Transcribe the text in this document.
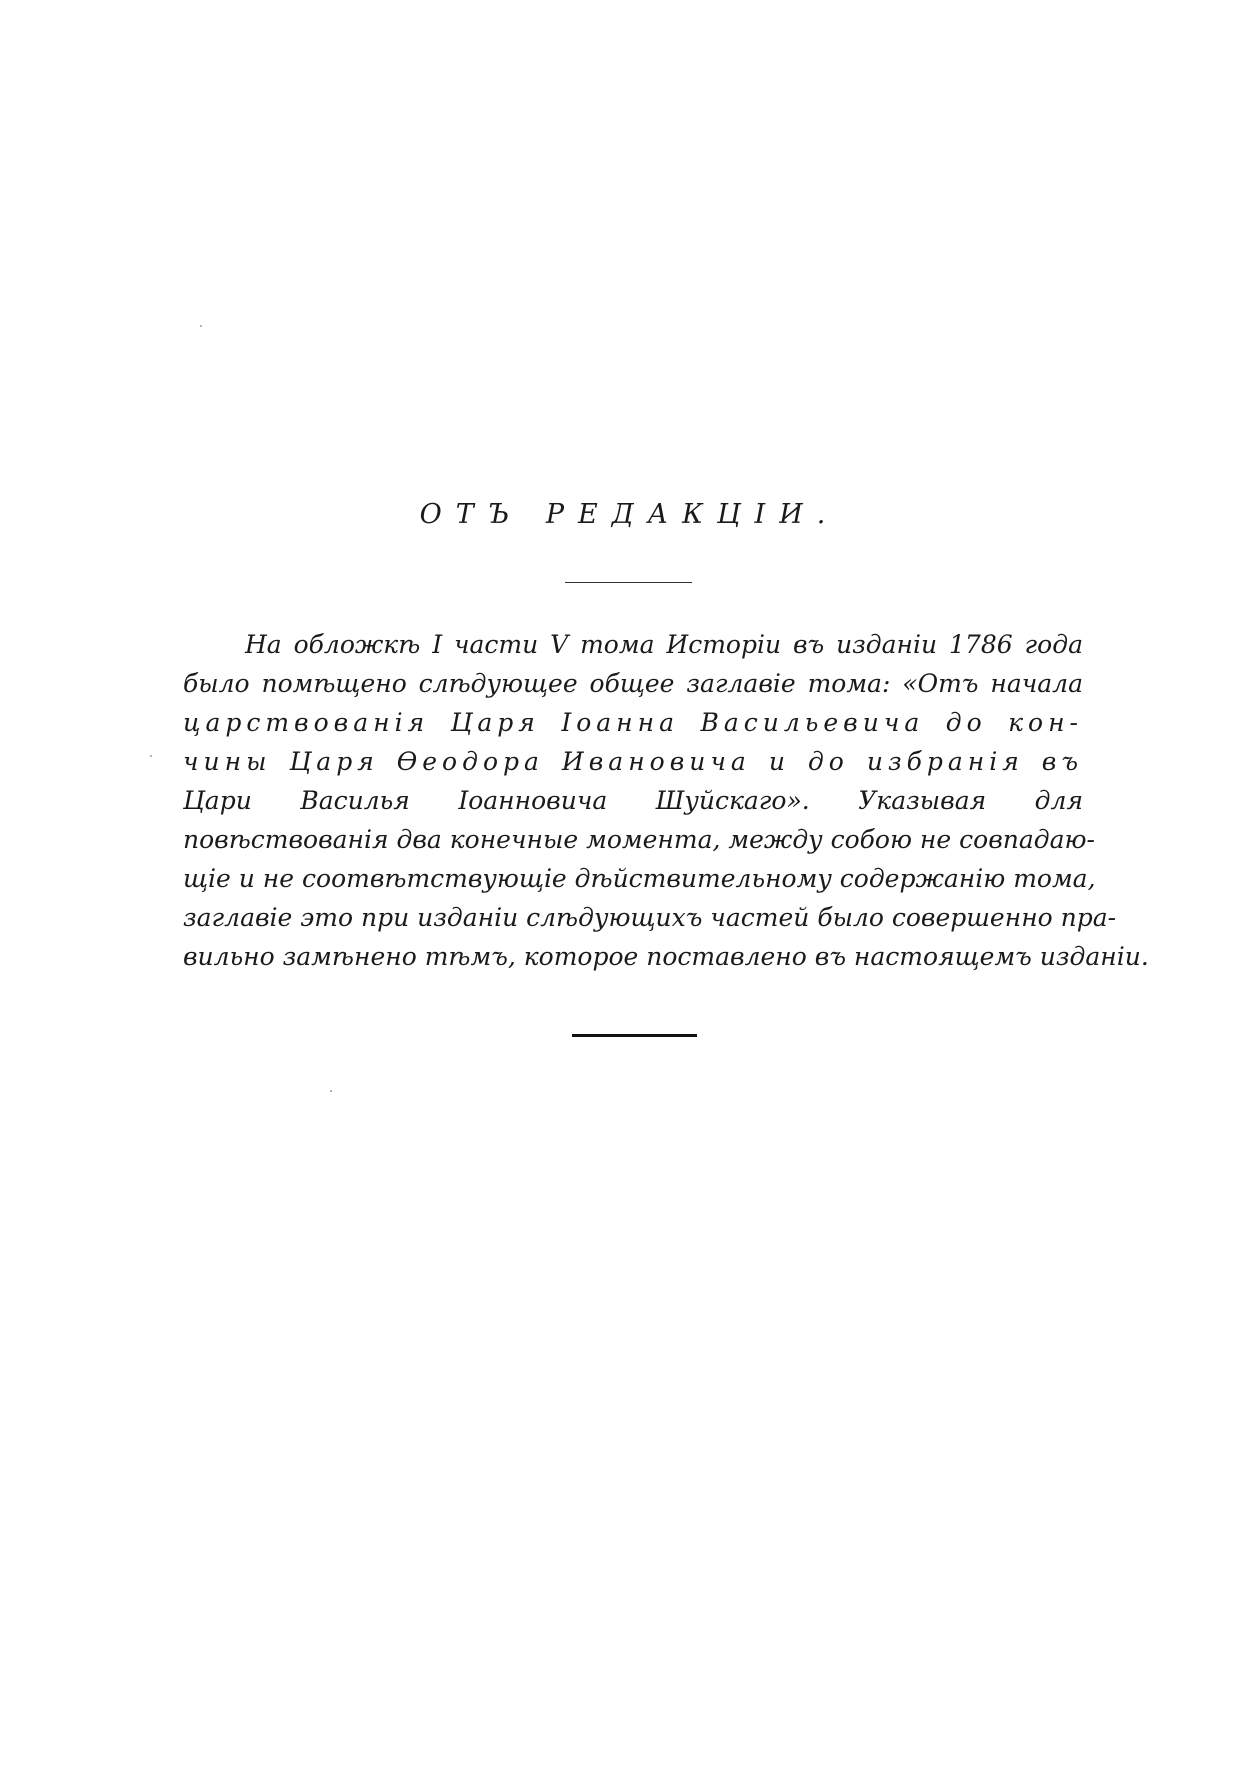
ОТЪ РЕДАКЦІИ.
На обложкѣ I части V тома Исторіи въ изданіи 1786 года
было помѣщено слѣдующее общее заглавіе тома: «Отъ начала
царствованія Царя Іоанна Васильевича до кон-
чины Царя Ѳеодора Ивановича и до избранія въ
Цари Василья Іоанновича Шуйскаго». Указывая для
повѣствованія два конечные момента, между собою не совпадаю-
щіе и не соотвѣтствующіе дѣйствительному содержанію тома,
заглавіе это при изданіи слѣдующихъ частей было совершенно пра-
вильно замѣнено тѣмъ, которое поставлено въ настоящемъ изданіи.
